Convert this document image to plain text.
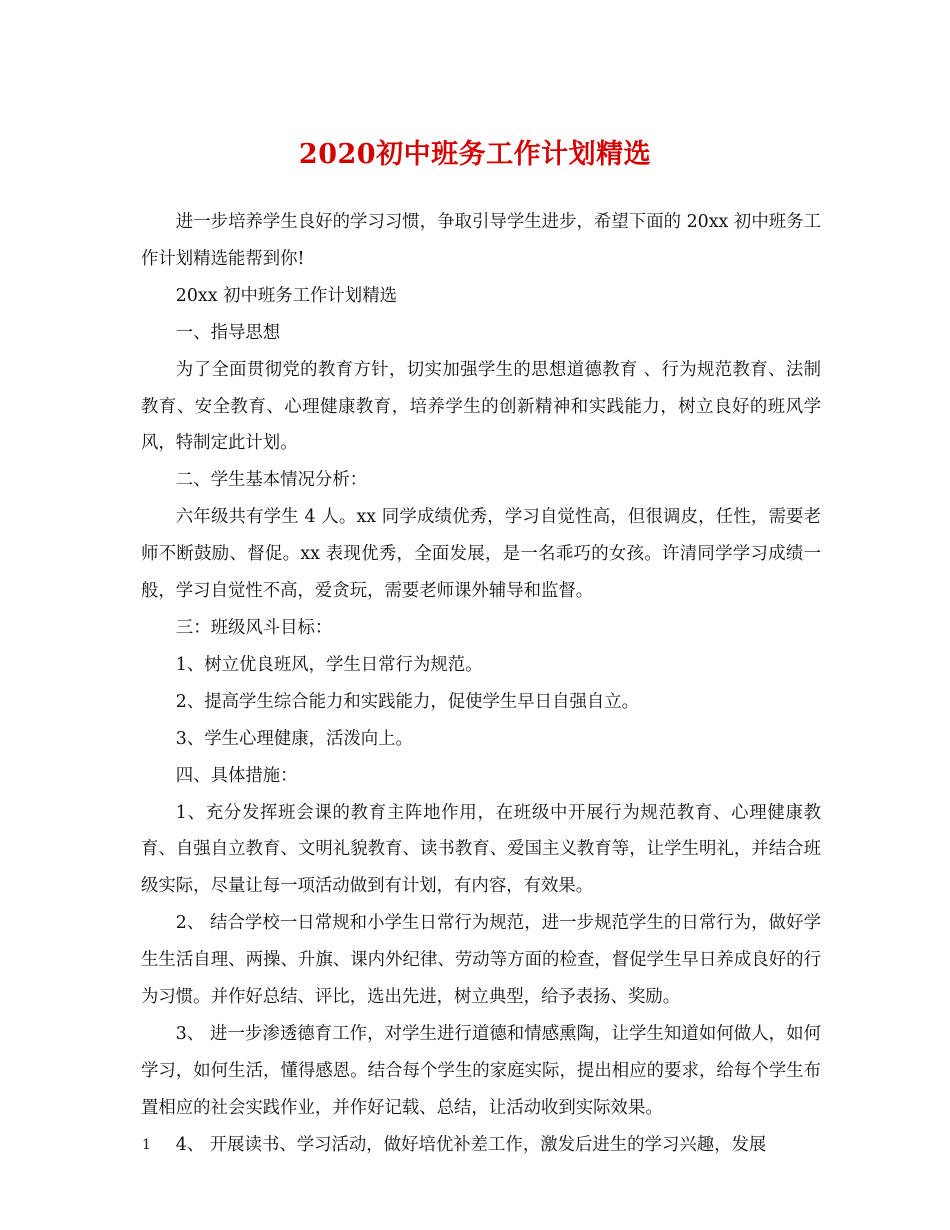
2020初中班务工作计划精选

进一步培养学生良好的学习习惯，争取引导学生进步，希望下面的 20xx 初中班务工作计划精选能帮到你!

20xx 初中班务工作计划精选

一、指导思想

为了全面贯彻党的教育方针，切实加强学生的思想道德教育 、行为规范教育、法制教育、安全教育、心理健康教育，培养学生的创新精神和实践能力，树立良好的班风学风，特制定此计划。

二、学生基本情况分析：

六年级共有学生 4 人。xx 同学成绩优秀，学习自觉性高，但很调皮，任性，需要老师不断鼓励、督促。xx 表现优秀，全面发展，是一名乖巧的女孩。许清同学学习成绩一般，学习自觉性不高，爱贪玩，需要老师课外辅导和监督。

三：班级风斗目标：

1、树立优良班风，学生日常行为规范。

2、提高学生综合能力和实践能力，促使学生早日自强自立。

3、学生心理健康，活泼向上。

四、具体措施：

1、充分发挥班会课的教育主阵地作用，在班级中开展行为规范教育、心理健康教育、自强自立教育、文明礼貌教育、读书教育、爱国主义教育等，让学生明礼，并结合班级实际，尽量让每一项活动做到有计划，有内容，有效果。

2、 结合学校一日常规和小学生日常行为规范，进一步规范学生的日常行为，做好学生生活自理、两操、升旗、课内外纪律、劳动等方面的检查，督促学生早日养成良好的行为习惯。并作好总结、评比，选出先进，树立典型，给予表扬、奖励。

3、 进一步渗透德育工作，对学生进行道德和情感熏陶，让学生知道如何做人，如何学习，如何生活，懂得感恩。结合每个学生的家庭实际，提出相应的要求，给每个学生布置相应的社会实践作业，并作好记载、总结，让活动收到实际效果。

4、 开展读书、学习活动，做好培优补差工作，激发后进生的学习兴趣，发展

1
